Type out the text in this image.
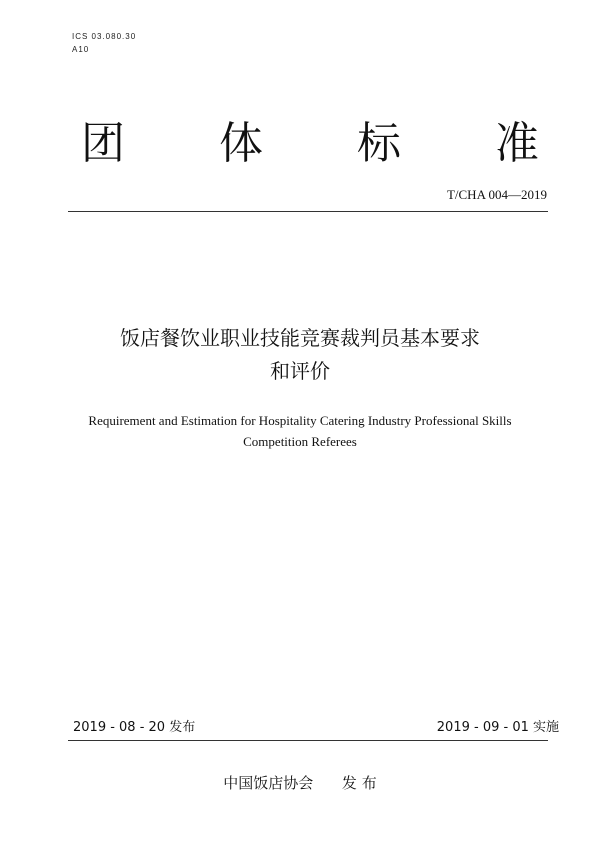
ICS 03.080.30
A10
团 体 标 准
T/CHA 004—2019
饭店餐饮业职业技能竞赛裁判员基本要求
和评价
Requirement and Estimation for Hospitality Catering Industry Professional Skills
Competition Referees
2019 - 08 - 20 发布	2019 - 09 - 01 实施
中国饭店协会 发 布
